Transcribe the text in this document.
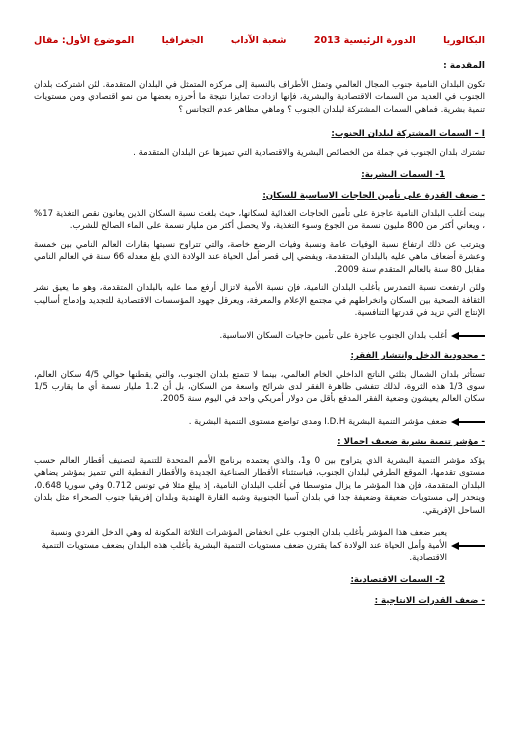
البكالوريا
الدورة الرئيسية 2013
شعبة الآداب
الجغرافيا
الموضوع الأول: مقال
المقدمة :

تكون البلدان النامية جنوب المجال العالمي وتمثل الأطراف بالنسبة إلى مركزه المتمثل في البلدان المتقدمة. لئن اشتركت بلدان الجنوب في العديد من السمات الاقتصادية والبشرية، فإنها ازدادت تمايزا نتيجة ما أحرزه بعضها من نمو اقتصادي ومن مستويات تنمية بشرية. فماهي السمات المشتركة لبلدان الجنوب ؟ وماهي مظاهر عدم التجانس ؟

I – السمات المشتركة لبلدان الجنوب:

تشترك بلدان الجنوب في جملة من الخصائص البشرية والاقتصادية التي تميزها عن البلدان المتقدمة .

1- السمات البشرية:
- ضعف القدرة على تأمين الحاجات الاساسية للسكان:

بينت أغلب البلدان النامية عاجزة على تأمين الحاجات الغذائية لسكانها، حيث بلغت نسبة السكان الذين يعانون نقص التغذية 17% ، ويعاني أكثر من 800 مليون نسمة من الجوع وسوء التغذية، ولا يحصل أكثر من مليار نسمة على الماء الصالح للشرب.

ويترتب عن ذلك ارتفاع نسبة الوفيات عامة ونسبة وفيات الرضع خاصة، والتي تتراوح نسبتها بقارات العالم النامي بين خمسة وعشرة أضعاف ماهي عليه بالبلدان المتقدمة، ويفضي إلى قصر أمل الحياة عند الولادة الذي بلغ معدله 66 سنة في العالم النامي مقابل 80 سنة بالعالم المتقدم سنة 2009.

ولئن ارتفعت نسبة التمدرس بأغلب البلدان النامية، فإن نسبة الأمية لاتزال أرفع مما عليه بالبلدان المتقدمة، وهو ما يعيق نشر الثقافة الصحية بين السكان وانخراطهم في مجتمع الإعلام والمعرفة، ويعرقل جهود المؤسسات الاقتصادية للتجديد وإدماج أساليب الإنتاج التي تزيد في قدرتها التنافسية.

أغلب بلدان الجنوب عاجزة على تأمين حاجيات السكان الاساسية.
- محدودية الدخل وانتشار الفقر:

تستأثر بلدان الشمال بثلثي الناتج الداخلي الخام العالمي، بينما لا تتمتع بلدان الجنوب، والتي يقطنها حوالي 4/5 سكان العالم، سوى 1/3 هذه الثروة، لذلك تتفشى ظاهرة الفقر لدى شرائح واسعة من السكان، بل أن 1.2 مليار نسمة أي ما يقارب 1/5 سكان العالم يعيشون وضعية الفقر المدقع بأقل من دولار أمريكي واحد في اليوم سنة 2005.

ضعف مؤشر التنمية البشرية I.D.H ومدى تواضع مستوى التنمية البشرية .
- مؤشر تنمية بشرية ضعيف اجمالا :

يؤكد مؤشر التنمية البشرية الذي يتراوح بين 0 و1، والذي يعتمده برنامج الأمم المتحدة للتنمية لتصنيف أقطار العالم حسب مستوى تقدمها، الموقع الطرفي لبلدان الجنوب، فباستثناء الأقطار الصناعية الجديدة والأقطار النفطية التي تتميز بمؤشر يضاهي البلدان المتقدمة، فإن هذا المؤشر ما يزال متوسطا في أغلب البلدان النامية، إذ يبلغ مثلا في تونس 0.712 وفي سوريا 0.648، وينحدر إلى مستويات ضعيفة وضعيفة جدا في بلدان آسيا الجنوبية وشبه القارة الهندية وبلدان إفريقيا جنوب الصحراء مثل بلدان الساحل الإفريقي.

يعبر ضعف هذا المؤشر بأغلب بلدان الجنوب على انخفاض المؤشرات الثلاثة المكونة له وهي الدخل الفردي ونسبة الأمية وأمل الحياة عند الولادة كما يقترن ضعف مستويات التنمية البشرية بأغلب هذه البلدان بضعف مستويات التنمية الاقتصادية.
2- السمات الاقتصادية:
- ضعف القدرات الانتاجية :
